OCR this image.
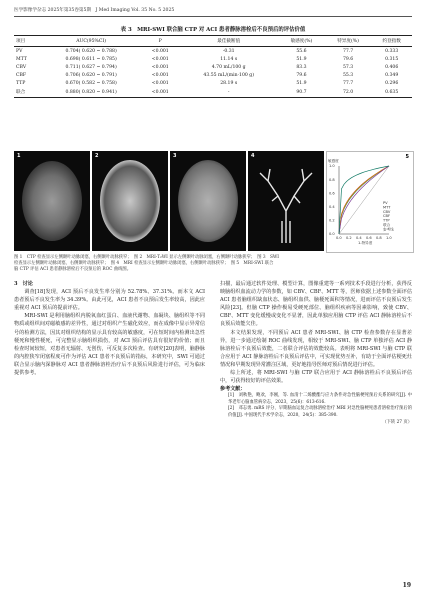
医学影像学杂志 2025年第35卷第5期 J Med Imaging Vol. 35 No. 5 2025
表 3　MRI-SWI 联合脑 CTP 对 ACI 患者静脉溶栓后不良预后的评估价值
项目	AUC(95%CI)	P	最佳截断值	敏感度(%)	特异度(%)	约登指数
PV	0.704( 0.620 ~ 0.788)	<0.001	-0.31	55.6	77.7	0.333
MTT	0.698( 0.611 ~ 0.785)	<0.001	11.14 s	51.9	79.6	0.315
CBV	0.711( 0.627 ~ 0.794)	<0.001	4.70 mL/100 g	83.3	57.3	0.406
CBF	0.706( 0.620 ~ 0.791)	<0.001	43.55 mL/(min·100 g)	79.6	55.3	0.349
TTP	0.670( 0.582 ~ 0.758)	<0.001	28.19 s	51.9	77.7	0.296
联合	0.880( 0.820 ~ 0.941)	<0.001	-	90.7	72.0	0.635
1	2	3	4
0.0
0.0
0.2
0.2
0.4
0.4
0.6
0.6
0.8
0.8
1.0
1.0
1-特异度
敏感度
PV
MTT
CBV
CBF
TTP
联合
参考线
5
图 1　CTP 检查显示左侧颞叶动脉闭塞，右侧颞叶动脉狭窄；　图 2　MRI-T₂WI 显示左侧颞叶动脉闭塞，右侧颞叶动脉狭窄；　图 3　SWI
检查显示左侧颞叶动脉闭塞，右侧颞叶动脉狭窄；　图 4　MRI 检查显示左侧颞叶动脉闭塞，右侧颞叶动脉狭窄；　图 5　MRI-SWI 联合
脑 CTP 评估 ACI 患者静脉溶栓后不良预后的 ROC 曲线图。

3　讨论

调查[18]发现，ACI 预后不良发生率分别为 52.78%、37.31%。而本文 ACI 患者预后不良发生率为 34.39%。由此可见，ACI 患者不良预后发生率较高，因此应重视对 ACI 预后的提前评估。

MRI-SWI 是利用脑组织内脱氧血红蛋白、血液代谢物、血凝块、脑组织等不同物质或组织间对磁敏感的差异性，通过对组织产生磁化效应，而在成像中显示异常信号的检测方法，因其对组织结构的显示具有较高的敏感度，可在短时间内检测出急性梗死和慢性梗死，可完整显示脑组织损伤，对 ACI 预后评估具有很好的价值；而且检查时间较短，对患者无辐射、无创伤，可反复多次检查。有研究[20]表明，脑静脉的内腔狭窄闭塞程度可作为评估 ACI 患者不良预后的指标，本研究中，SWI 可通过联合显示脑内深静脉对 ACI 患者静脉溶栓治疗后不良预后风险进行评估，可为临床提供参考。

扫描，最后通过软件处理、模型计算，图像重建等一系列技术手段进行分析，获得反映脑组织血流动力学的参数，如 CBV、CBF、MTT 等，医师依据上述参数全面评估 ACI 患者脑组织缺血状态、脑组织血供、脑梗死面积等情况，进而评估不良预后发生风险[23]。但脑 CTP 操作极易受硬死部位、脑组织疾病等因素影响，致使 CBV、CBF、MTT 变化缓慢或变化不显著，因此单独应用脑 CTP 评估 ACI 静脉溶栓后不良预后效能欠佳。

本文结果发现，不同预后 ACI 患者 MRI-SWI、脑 CTP 检查参数存在显著差异，进一步通过绘制 ROC 曲线发现，相较于 MRI-SWI、脑 CTP 单独评估 ACI 静脉溶栓后不良预后效能，二者联合评估的效能较高。表明将 MRI-SWI 与脑 CTP 联合应用于 ACI 静脉溶栓后不良预后评估中，可实现优势互补，有助于全面评估梗死灶情况和早期发现异常灌注区域，更好地指导医师对预后情况进行评估。

综上所述，将 MRI-SWI 与脑 CTP 联合应用于 ACI 静脉溶栓后不良预后评估中，可获得较好的评估效果。

参考文献：

[1]　刘秋艳，鲍欢，李刚，等. 血清十二烯酸酯与应力条件对急性脑梗死预后关系的研究[J]. 中华老年心脑血管病杂志，2023，25(6)：613-616.

[2]　邓志勇. mRS 评分、早期脑血运复合动脉溶栓治疗 MRI 对急性脑梗死患者溶栓治疗预后的价值[J]. 中国现代手术学杂志，2020，24(5)：385-390.

（下转 27 页）

19
